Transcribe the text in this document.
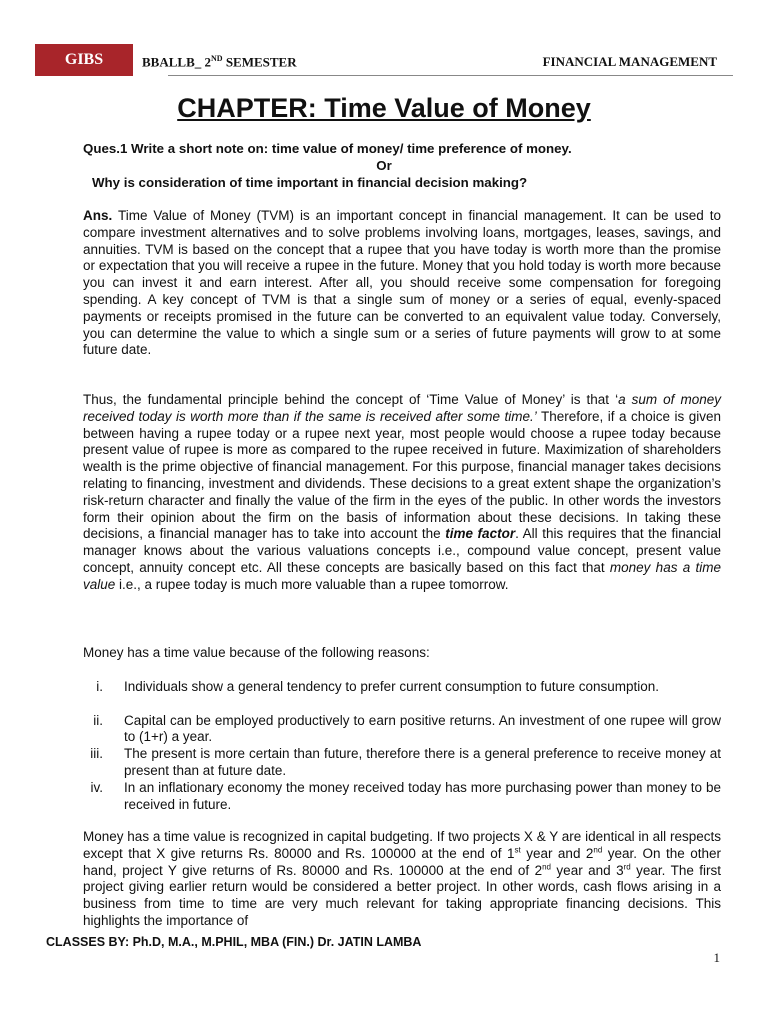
GIBS	BBALLB_ 2ND SEMESTER	FINANCIAL MANAGEMENT
CHAPTER: Time Value of Money
Ques.1 Write a short note on: time value of money/ time preference of money.
Or
Why is consideration of time important in financial decision making?

Ans. Time Value of Money (TVM) is an important concept in financial management. It can be used to compare investment alternatives and to solve problems involving loans, mortgages, leases, savings, and annuities. TVM is based on the concept that a rupee that you have today is worth more than the promise or expectation that you will receive a rupee in the future. Money that you hold today is worth more because you can invest it and earn interest. After all, you should receive some compensation for foregoing spending. A key concept of TVM is that a single sum of money or a series of equal, evenly-spaced payments or receipts promised in the future can be converted to an equivalent value today. Conversely, you can determine the value to which a single sum or a series of future payments will grow to at some future date.

Thus, the fundamental principle behind the concept of ‘Time Value of Money’ is that ‘a sum of money received today is worth more than if the same is received after some time.’ Therefore, if a choice is given between having a rupee today or a rupee next year, most people would choose a rupee today because present value of rupee is more as compared to the rupee received in future. Maximization of shareholders wealth is the prime objective of financial management. For this purpose, financial manager takes decisions relating to financing, investment and dividends. These decisions to a great extent shape the organization’s risk-return character and finally the value of the firm in the eyes of the public. In other words the investors form their opinion about the firm on the basis of information about these decisions. In taking these decisions, a financial manager has to take into account the time factor. All this requires that the financial manager knows about the various valuations concepts i.e., compound value concept, present value concept, annuity concept etc. All these concepts are basically based on this fact that money has a time value i.e., a rupee today is much more valuable than a rupee tomorrow.

Money has a time value because of the following reasons:

i. Individuals show a general tendency to prefer current consumption to future consumption.
ii. Capital can be employed productively to earn positive returns. An investment of one rupee will grow to (1+r) a year.
iii. The present is more certain than future, therefore there is a general preference to receive money at present than at future date.
iv. In an inflationary economy the money received today has more purchasing power than money to be received in future.

Money has a time value is recognized in capital budgeting. If two projects X & Y are identical in all respects except that X give returns Rs. 80000 and Rs. 100000 at the end of 1st year and 2nd year. On the other hand, project Y give returns of Rs. 80000 and Rs. 100000 at the end of 2nd year and 3rd year. The first project giving earlier return would be considered a better project. In other words, cash flows arising in a business from time to time are very much relevant for taking appropriate financing decisions. This highlights the importance of

CLASSES BY: Ph.D, M.A., M.PHIL, MBA (FIN.) Dr. JATIN LAMBA
1
